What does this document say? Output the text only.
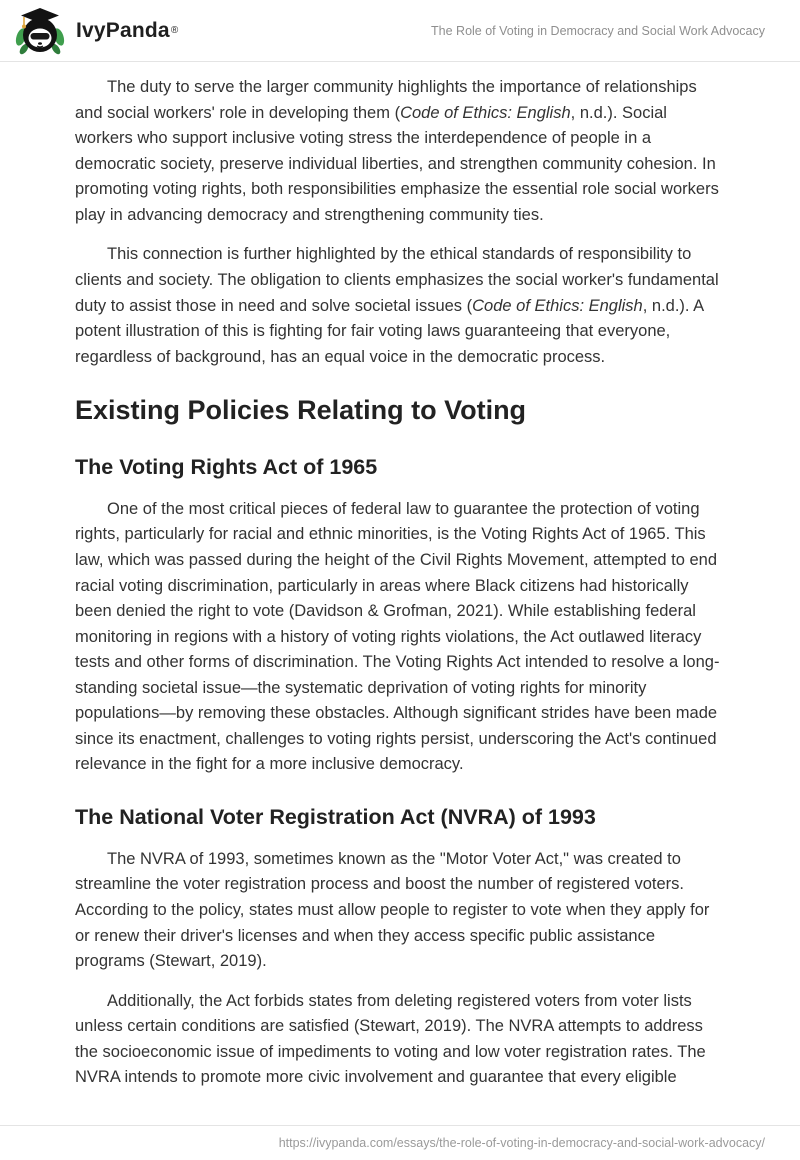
IvyPanda ®	The Role of Voting in Democracy and Social Work Advocacy

The duty to serve the larger community highlights the importance of relationships and social workers' role in developing them (Code of Ethics: English, n.d.). Social workers who support inclusive voting stress the interdependence of people in a democratic society, preserve individual liberties, and strengthen community cohesion. In promoting voting rights, both responsibilities emphasize the essential role social workers play in advancing democracy and strengthening community ties.

This connection is further highlighted by the ethical standards of responsibility to clients and society. The obligation to clients emphasizes the social worker's fundamental duty to assist those in need and solve societal issues (Code of Ethics: English, n.d.). A potent illustration of this is fighting for fair voting laws guaranteeing that everyone, regardless of background, has an equal voice in the democratic process.

Existing Policies Relating to Voting
The Voting Rights Act of 1965

One of the most critical pieces of federal law to guarantee the protection of voting rights, particularly for racial and ethnic minorities, is the Voting Rights Act of 1965. This law, which was passed during the height of the Civil Rights Movement, attempted to end racial voting discrimination, particularly in areas where Black citizens had historically been denied the right to vote (Davidson & Grofman, 2021). While establishing federal monitoring in regions with a history of voting rights violations, the Act outlawed literacy tests and other forms of discrimination. The Voting Rights Act intended to resolve a long-standing societal issue—the systematic deprivation of voting rights for minority populations—by removing these obstacles. Although significant strides have been made since its enactment, challenges to voting rights persist, underscoring the Act's continued relevance in the fight for a more inclusive democracy.

The National Voter Registration Act (NVRA) of 1993

The NVRA of 1993, sometimes known as the "Motor Voter Act," was created to streamline the voter registration process and boost the number of registered voters. According to the policy, states must allow people to register to vote when they apply for or renew their driver's licenses and when they access specific public assistance programs (Stewart, 2019).

Additionally, the Act forbids states from deleting registered voters from voter lists unless certain conditions are satisfied (Stewart, 2019). The NVRA attempts to address the socioeconomic issue of impediments to voting and low voter registration rates. The NVRA intends to promote more civic involvement and guarantee that every eligible

https://ivypanda.com/essays/the-role-of-voting-in-democracy-and-social-work-advocacy/
